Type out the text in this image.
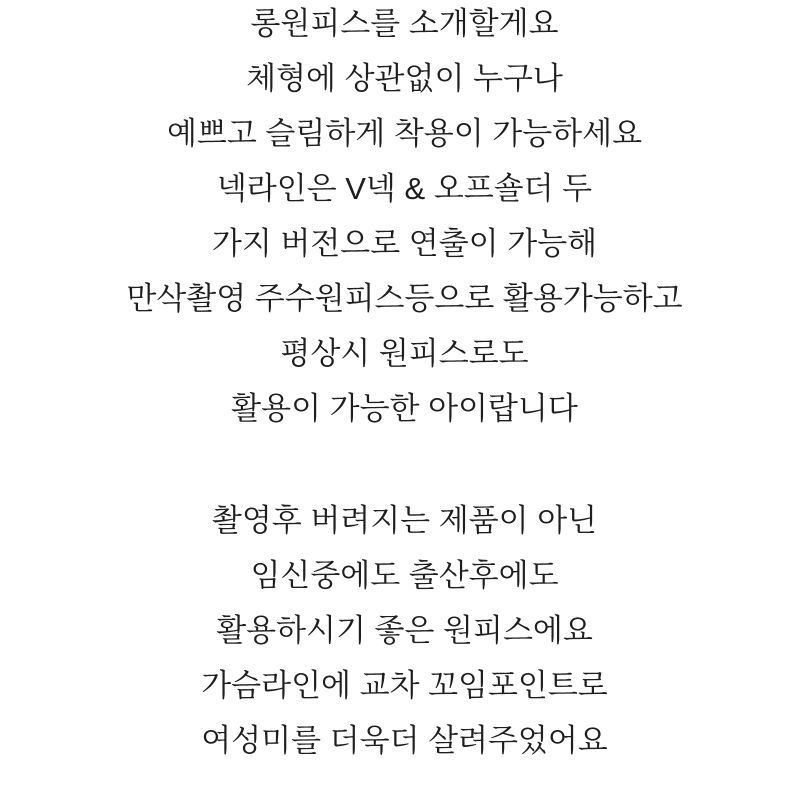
롱원피스를 소개할게요

체형에 상관없이 누구나

예쁘고 슬림하게 착용이 가능하세요

넥라인은 V넥 & 오프숄더 두

가지 버전으로 연출이 가능해

만삭촬영 주수원피스등으로 활용가능하고

평상시 원피스로도

활용이 가능한 아이랍니다

촬영후 버려지는 제품이 아닌

임신중에도 출산후에도

활용하시기 좋은 원피스에요

가슴라인에 교차 꼬임포인트로

여성미를 더욱더 살려주었어요
